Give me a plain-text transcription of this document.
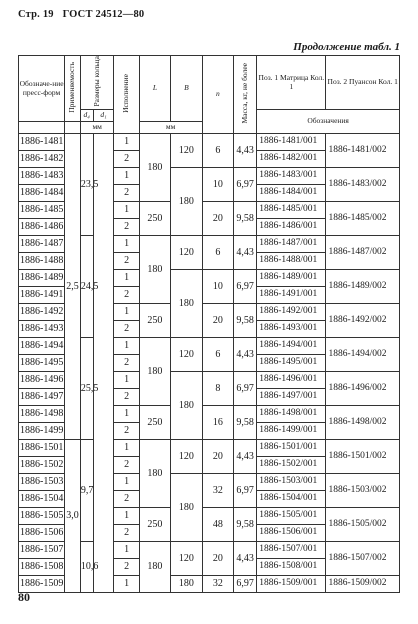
Стр. 19 ГОСТ 24512—80
Продолжение табл. 1
Обозначе-ние пресс-форм	Применяемость	Размеры кольца		Исполнение	L	B	n	Масса, кг, не более	Поз. 1 Матрица Кол. 1	Поз. 2 Пуансон Кол. 1
		d₄	d₁						Обозначения	
		мм			мм					
1886-1481	2,5	23,5		1	180	120	6	4,43	1886-1481/001	1886-1481/002
1886-1482				2					1886-1482/001	
1886-1483				1		180	10	6,97	1886-1483/001	1886-1483/002
1886-1484				2					1886-1484/001	
1886-1485				1	250		20	9,58	1886-1485/001	1886-1485/002
1886-1486				2					1886-1486/001	
1886-1487		24,5		1	180	120	6	4,43	1886-1487/001	1886-1487/002
1886-1488				2					1886-1488/001	
1886-1489				1		180	10	6,97	1886-1489/001	1886-1489/002
1886-1491				2					1886-1491/001	
1886-1492				1	250		20	9,58	1886-1492/001	1886-1492/002
1886-1493				2					1886-1493/001	
1886-1494		25,5		1	180	120	6	4,43	1886-1494/001	1886-1494/002
1886-1495				2					1886-1495/001	
1886-1496				1		180	8	6,97	1886-1496/001	1886-1496/002
1886-1497				2					1886-1497/001	
1886-1498				1	250		16	9,58	1886-1498/001	1886-1498/002
1886-1499				2					1886-1499/001	
1886-1501	3,0	9,7		1	180	120	20	4,43	1886-1501/001	1886-1501/002
1886-1502				2					1886-1502/001	
1886-1503				1		180	32	6,97	1886-1503/001	1886-1503/002
1886-1504				2					1886-1504/001	
1886-1505				1	250		48	9,58	1886-1505/001	1886-1505/002
1886-1506				2					1886-1506/001	
1886-1507		10,6		1	180	120	20	4,43	1886-1507/001	1886-1507/002
1886-1508				2					1886-1508/001	
1886-1509				1		180	32	6,97	1886-1509/001	1886-1509/002
80
